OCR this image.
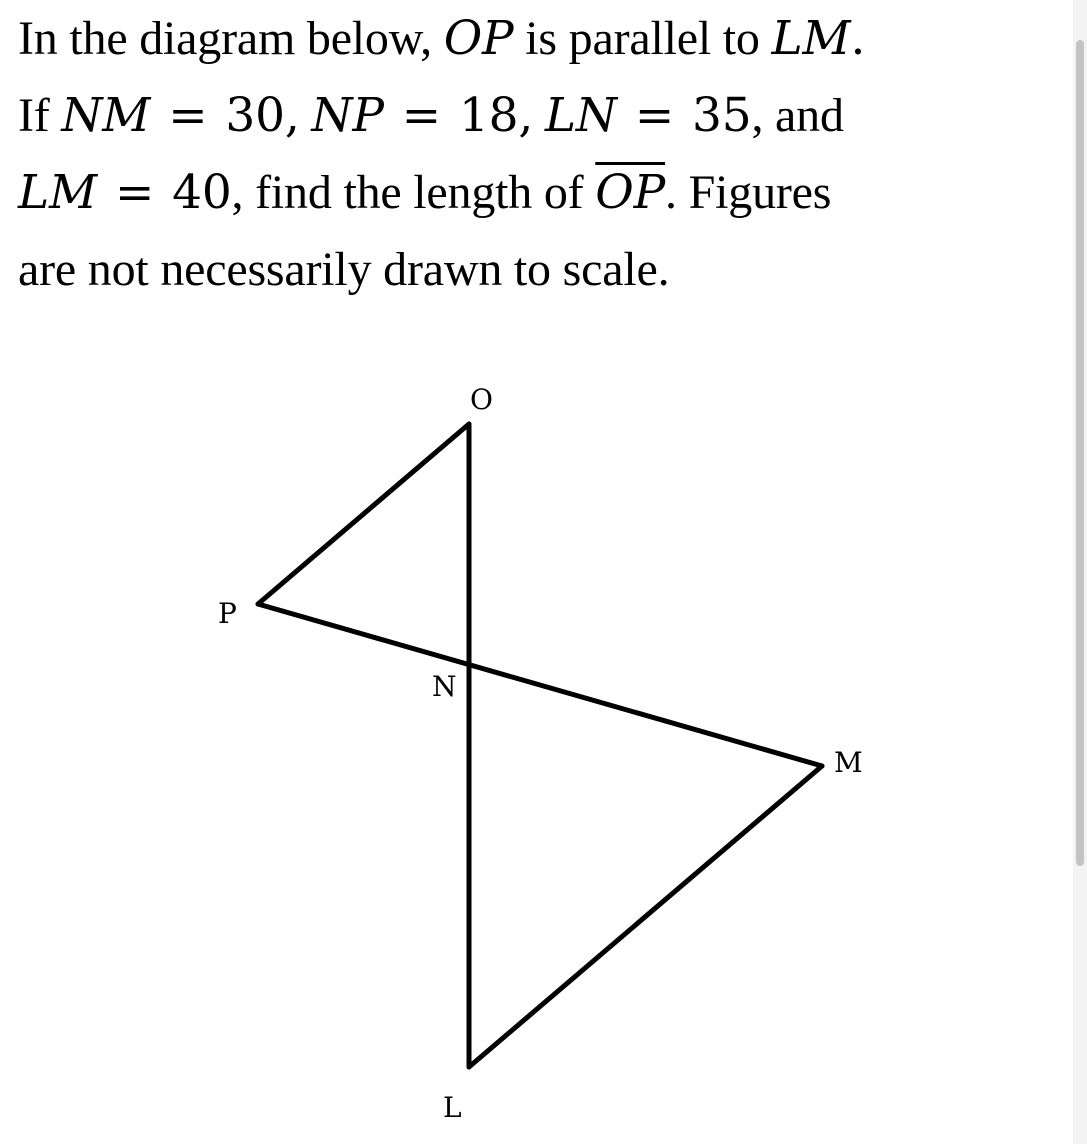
In the diagram below, OP is parallel to LM.
If NM = 30, NP = 18, LN = 35, and
LM = 40, find the length of $\overline{OP}$. Figures
are not necessarily drawn to scale.
O
P
N
M
L
